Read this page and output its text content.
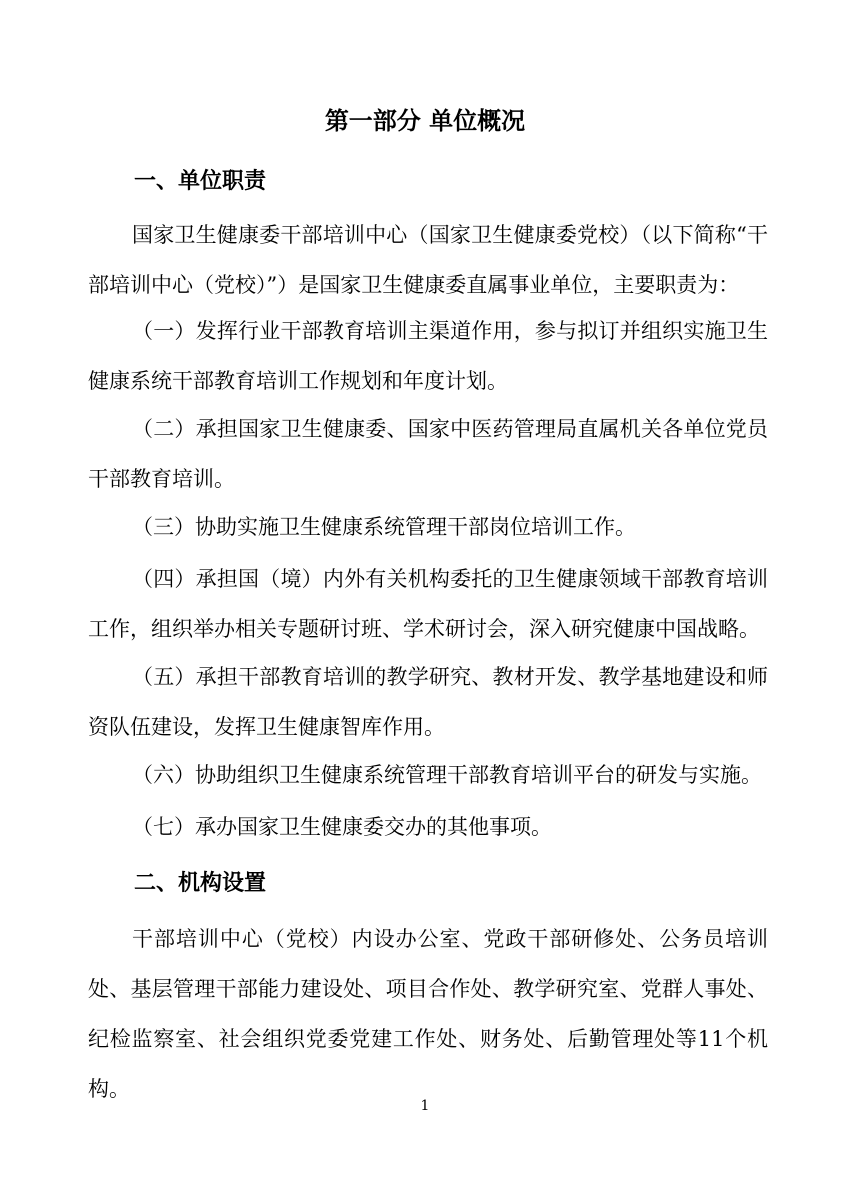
第一部分 单位概况
一、单位职责
国家卫生健康委干部培训中心（国家卫生健康委党校）（以下简称“干部培训中心（党校）”）是国家卫生健康委直属事业单位，主要职责为：
（一）发挥行业干部教育培训主渠道作用，参与拟订并组织实施卫生健康系统干部教育培训工作规划和年度计划。
（二）承担国家卫生健康委、国家中医药管理局直属机关各单位党员干部教育培训。
（三）协助实施卫生健康系统管理干部岗位培训工作。
（四）承担国（境）内外有关机构委托的卫生健康领域干部教育培训工作，组织举办相关专题研讨班、学术研讨会，深入研究健康中国战略。
（五）承担干部教育培训的教学研究、教材开发、教学基地建设和师资队伍建设，发挥卫生健康智库作用。
（六）协助组织卫生健康系统管理干部教育培训平台的研发与实施。
（七）承办国家卫生健康委交办的其他事项。
二、机构设置
干部培训中心（党校）内设办公室、党政干部研修处、公务员培训处、基层管理干部能力建设处、项目合作处、教学研究室、党群人事处、纪检监察室、社会组织党委党建工作处、财务处、后勤管理处等11个机构。
1
